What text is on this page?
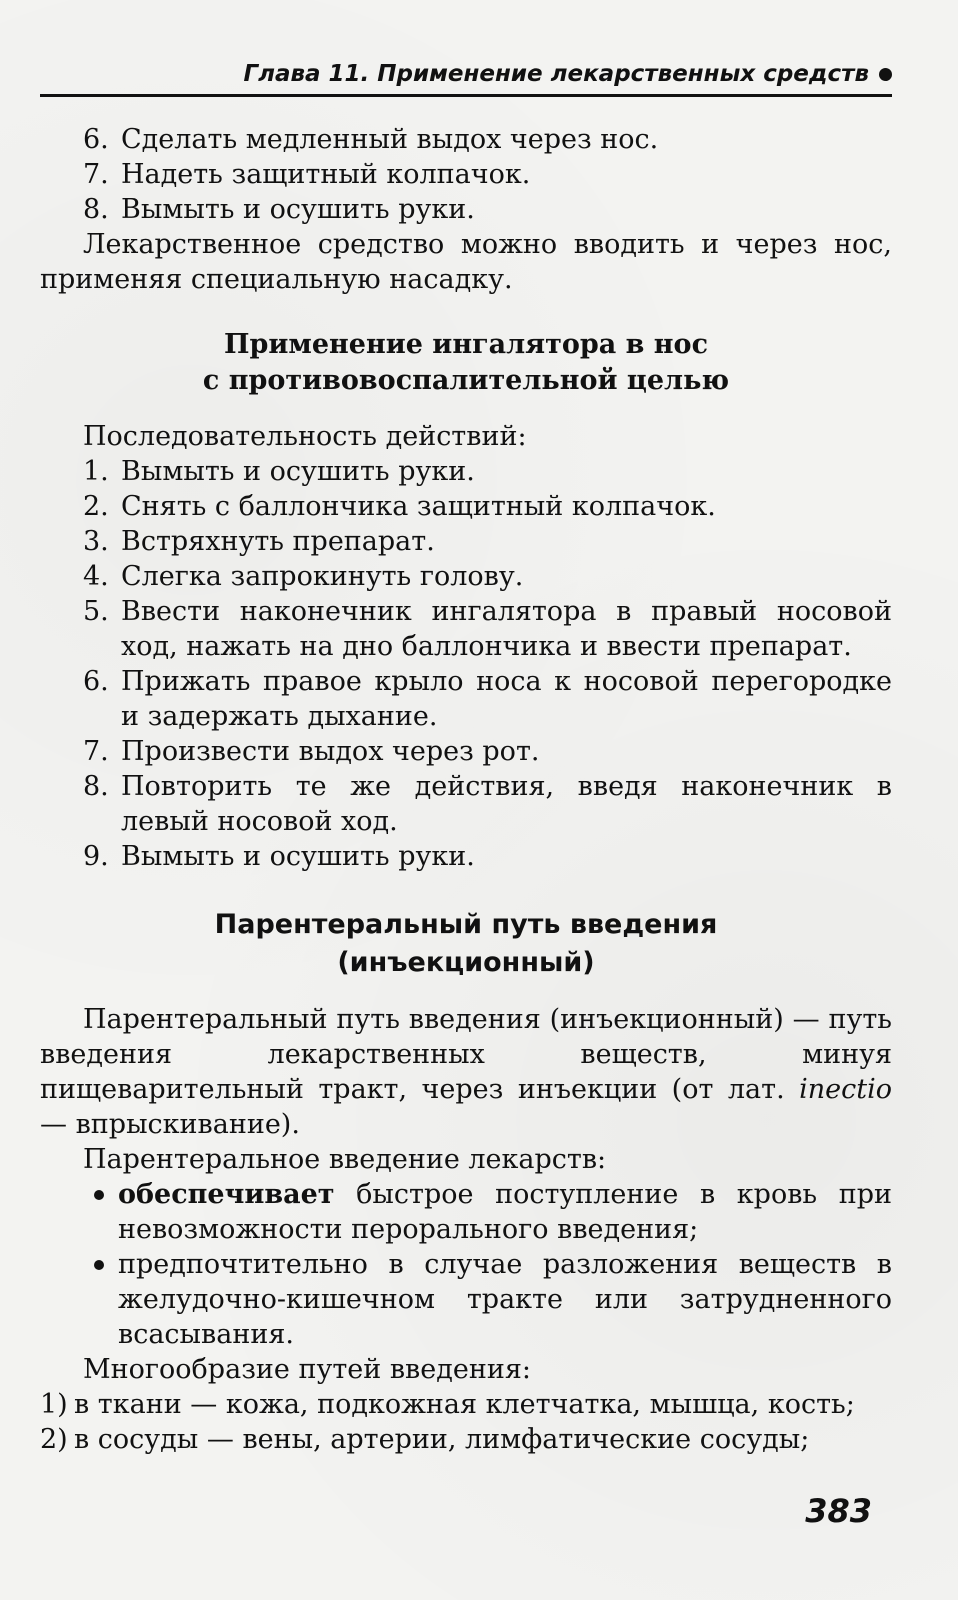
Глава 11. Применение лекарственных средств
6. Сделать медленный выдох через нос.
7. Надеть защитный колпачок.
8. Вымыть и осушить руки.

Лекарственное средство можно вводить и через нос, применяя специальную насадку.

Применение ингалятора в нос
с противовоспалительной целью

Последовательность действий:

1. Вымыть и осушить руки.
2. Снять с баллончика защитный колпачок.
3. Встряхнуть препарат.
4. Слегка запрокинуть голову.
5. Ввести наконечник ингалятора в правый носовой ход, нажать на дно баллончика и ввести препарат.
6. Прижать правое крыло носа к носовой перегородке и задержать дыхание.
7. Произвести выдох через рот.
8. Повторить те же действия, введя наконечник в левый носовой ход.
9. Вымыть и осушить руки.
Парентеральный путь введения
(инъекционный)

Парентеральный путь введения (инъекционный) — путь введения лекарственных веществ, минуя пищеварительный тракт, через инъекции (от лат. inectio — впрыскивание).

Парентеральное введение лекарств:

обеспечивает быстрое поступление в кровь при невозможности перорального введения;
предпочтительно в случае разложения веществ в желудочно-кишечном тракте или затрудненного всасывания.

Многообразие путей введения:

1) в ткани — кожа, подкожная клетчатка, мышца, кость;
2) в сосуды — вены, артерии, лимфатические сосуды;
383
